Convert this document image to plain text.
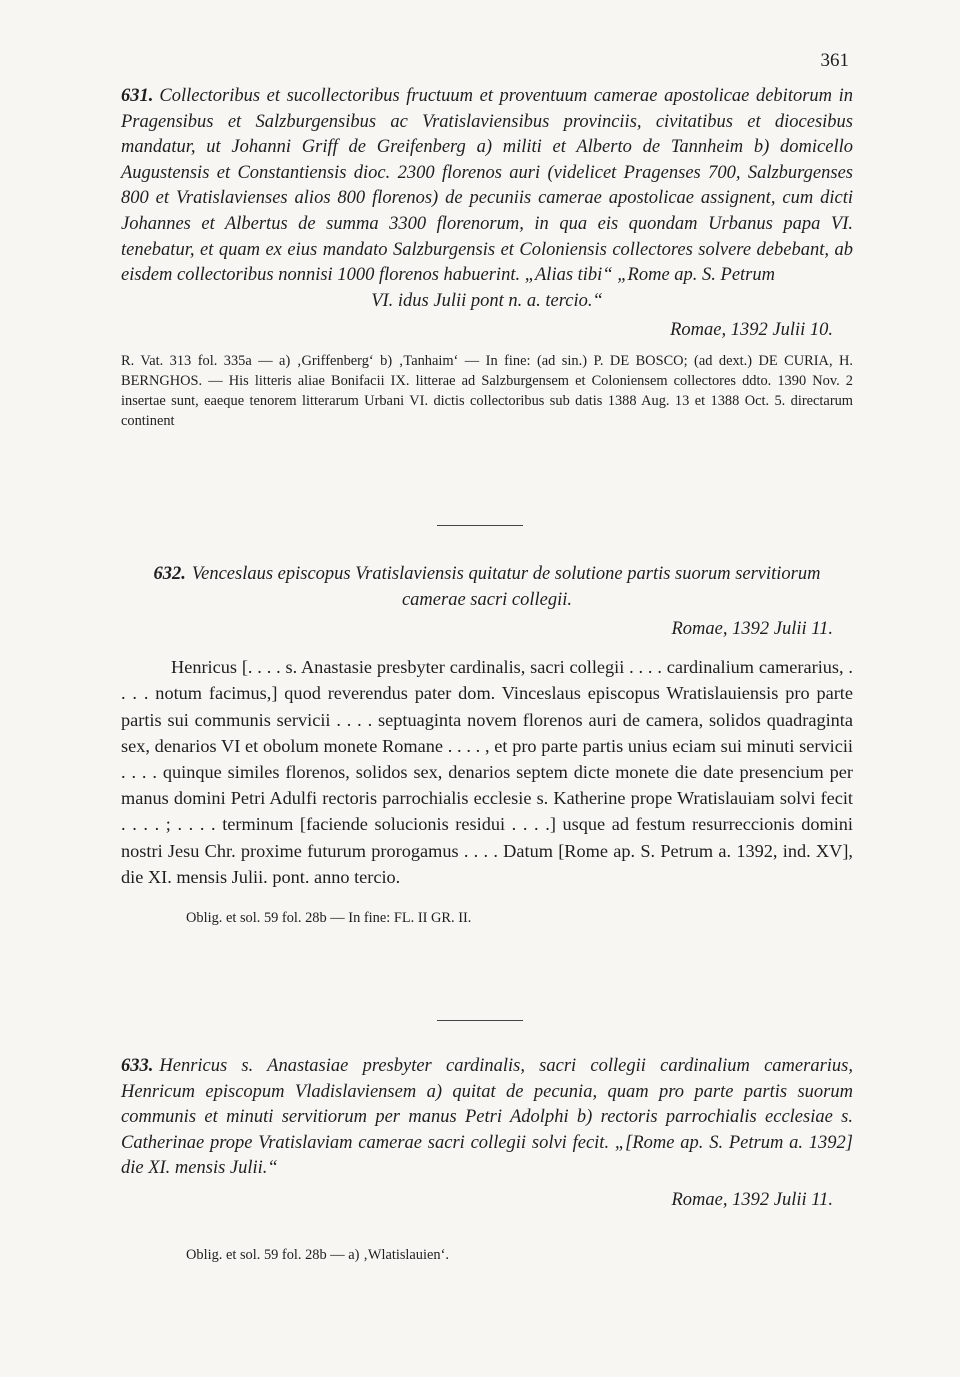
361

631. Collectoribus et sucollectoribus fructuum et proventuum camerae apostolicae debitorum in Pragensibus et Salzburgensibus ac Vratislaviensibus provinciis, civitatibus et diocesibus mandatur, ut Johanni Griff de Greifenberg a) militi et Alberto de Tannheim b) domicello Augustensis et Constantiensis dioc. 2300 florenos auri (videlicet Pragenses 700, Salzburgenses 800 et Vratislavienses alios 800 florenos) de pecuniis camerae apostolicae assignent, cum dicti Johannes et Albertus de summa 3300 florenorum, in qua eis quondam Urbanus papa VI. tenebatur, et quam ex eius mandato Salzburgensis et Coloniensis collectores solvere debebant, ab eisdem collectoribus nonnisi 1000 florenos habuerint. „Alias tibi“ „Rome ap. S. Petrum

VI. idus Julii pont n. a. tercio.“

Romae, 1392 Julii 10.

R. Vat. 313 fol. 335a — a) ‚Griffenberg‘ b) ‚Tanhaim‘ — In fine: (ad sin.) P. DE BOSCO; (ad dext.) DE CURIA, H. BERNGHOS. — His litteris aliae Bonifacii IX. litterae ad Salzburgensem et Coloniensem collectores ddto. 1390 Nov. 2 insertae sunt, eaeque tenorem litterarum Urbani VI. dictis collectoribus sub datis 1388 Aug. 13 et 1388 Oct. 5. directarum continent

632. Venceslaus episcopus Vratislaviensis quitatur de solutione partis suorum servitiorum camerae sacri collegii.

Romae, 1392 Julii 11.

Henricus [. . . . s. Anastasie presbyter cardinalis, sacri collegii . . . . cardinalium camerarius, . . . . notum facimus,] quod reverendus pater dom. Vinceslaus episcopus Wratislauiensis pro parte partis sui communis servicii . . . . septuaginta novem florenos auri de camera, solidos quadraginta sex, denarios VI et obolum monete Romane . . . . , et pro parte partis unius eciam sui minuti servicii . . . . quinque similes florenos, solidos sex, denarios septem dicte monete die date presencium per manus domini Petri Adulfi rectoris parrochialis ecclesie s. Katherine prope Wratislauiam solvi fecit . . . . ; . . . . terminum [faciende solucionis residui . . . .] usque ad festum resurreccionis domini nostri Jesu Chr. proxime futurum prorogamus . . . . Datum [Rome ap. S. Petrum a. 1392, ind. XV], die XI. mensis Julii. pont. anno tercio.

Oblig. et sol. 59 fol. 28b — In fine: FL. II GR. II.

633. Henricus s. Anastasiae presbyter cardinalis, sacri collegii cardinalium camerarius, Henricum episcopum Vladislaviensem a) quitat de pecunia, quam pro parte partis suorum communis et minuti servitiorum per manus Petri Adolphi b) rectoris parrochialis ecclesiae s. Catherinae prope Vratislaviam camerae sacri collegii solvi fecit. „[Rome ap. S. Petrum a. 1392] die XI. mensis Julii.“

Romae, 1392 Julii 11.

Oblig. et sol. 59 fol. 28b — a) ‚Wlatislauien‘.
